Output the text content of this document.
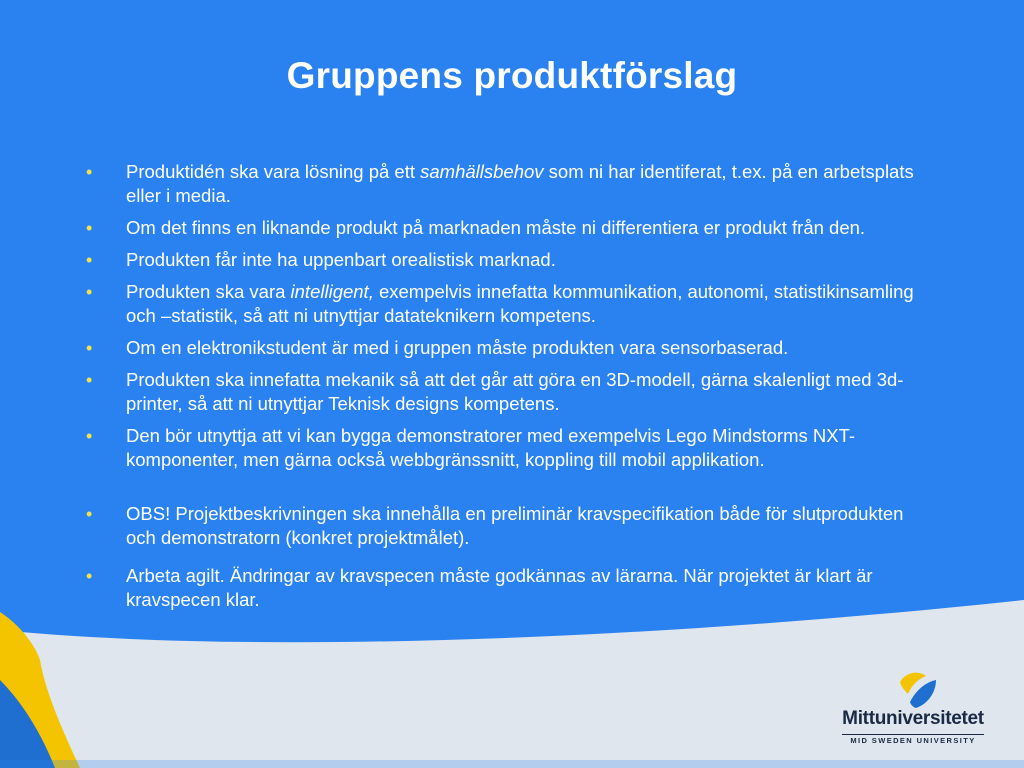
Gruppens produktförslag
• Produktidén ska vara lösning på ett samhällsbehov som ni har identiferat, t.ex. på en arbetsplats eller i media.
• Om det finns en liknande produkt på marknaden måste ni differentiera er produkt från den.
• Produkten får inte ha uppenbart orealistisk marknad.
• Produkten ska vara intelligent, exempelvis innefatta kommunikation, autonomi, statistikinsamling och –statistik, så att ni utnyttjar datateknikern kompetens.
• Om en elektronikstudent är med i gruppen måste produkten vara sensorbaserad.
• Produkten ska innefatta mekanik så att det går att göra en 3D-modell, gärna skalenligt med 3d-printer, så att ni utnyttjar Teknisk designs kompetens.
• Den bör utnyttja att vi kan bygga demonstratorer med exempelvis Lego Mindstorms NXT-komponenter, men gärna också webbgränssnitt, koppling till mobil applikation.
• OBS! Projektbeskrivningen ska innehålla en preliminär kravspecifikation både för slutprodukten och demonstratorn (konkret projektmålet).
• Arbeta agilt. Ändringar av kravspecen måste godkännas av lärarna. När projektet är klart är kravspecen klar.
Mittuniversitetet
MID SWEDEN UNIVERSITY
